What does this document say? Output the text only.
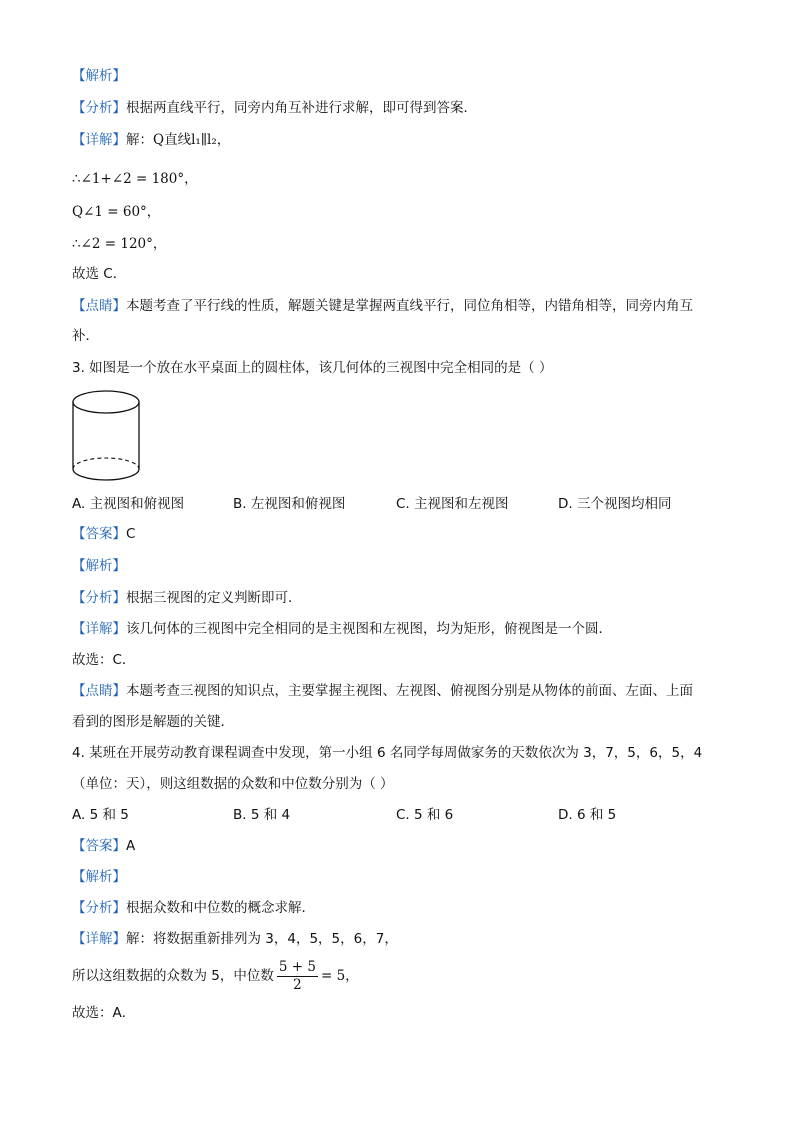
【解析】
【分析】根据两直线平行，同旁内角互补进行求解，即可得到答案．
【详解】解：Q直线l₁∥l₂，
∴∠1+∠2 = 180°，
Q∠1 = 60°，
∴∠2 = 120°，
故选 C．
【点睛】本题考查了平行线的性质，解题关键是掌握两直线平行，同位角相等，内错角相等，同旁内角互
补．
3. 如图是一个放在水平桌面上的圆柱体，该几何体的三视图中完全相同的是（ ）
A. 主视图和俯视图	B. 左视图和俯视图	C. 主视图和左视图	D. 三个视图均相同
【答案】C
【解析】
【分析】根据三视图的定义判断即可．
【详解】该几何体的三视图中完全相同的是主视图和左视图，均为矩形，俯视图是一个圆．
故选：C．
【点睛】本题考查三视图的知识点，主要掌握主视图、左视图、俯视图分别是从物体的前面、左面、上面
看到的图形是解题的关键．
4. 某班在开展劳动教育课程调查中发现，第一小组 6 名同学每周做家务的天数依次为 3，7，5，6，5，4
（单位：天），则这组数据的众数和中位数分别为（ ）
A. 5 和 5	B. 5 和 4	C. 5 和 6	D. 6 和 5
【答案】A
【解析】
【分析】根据众数和中位数的概念求解．
【详解】解：将数据重新排列为 3，4，5，5，6，7，
所以这组数据的众数为 5，中位数 $\frac{5 + 5}{2} = 5$，
故选：A．
